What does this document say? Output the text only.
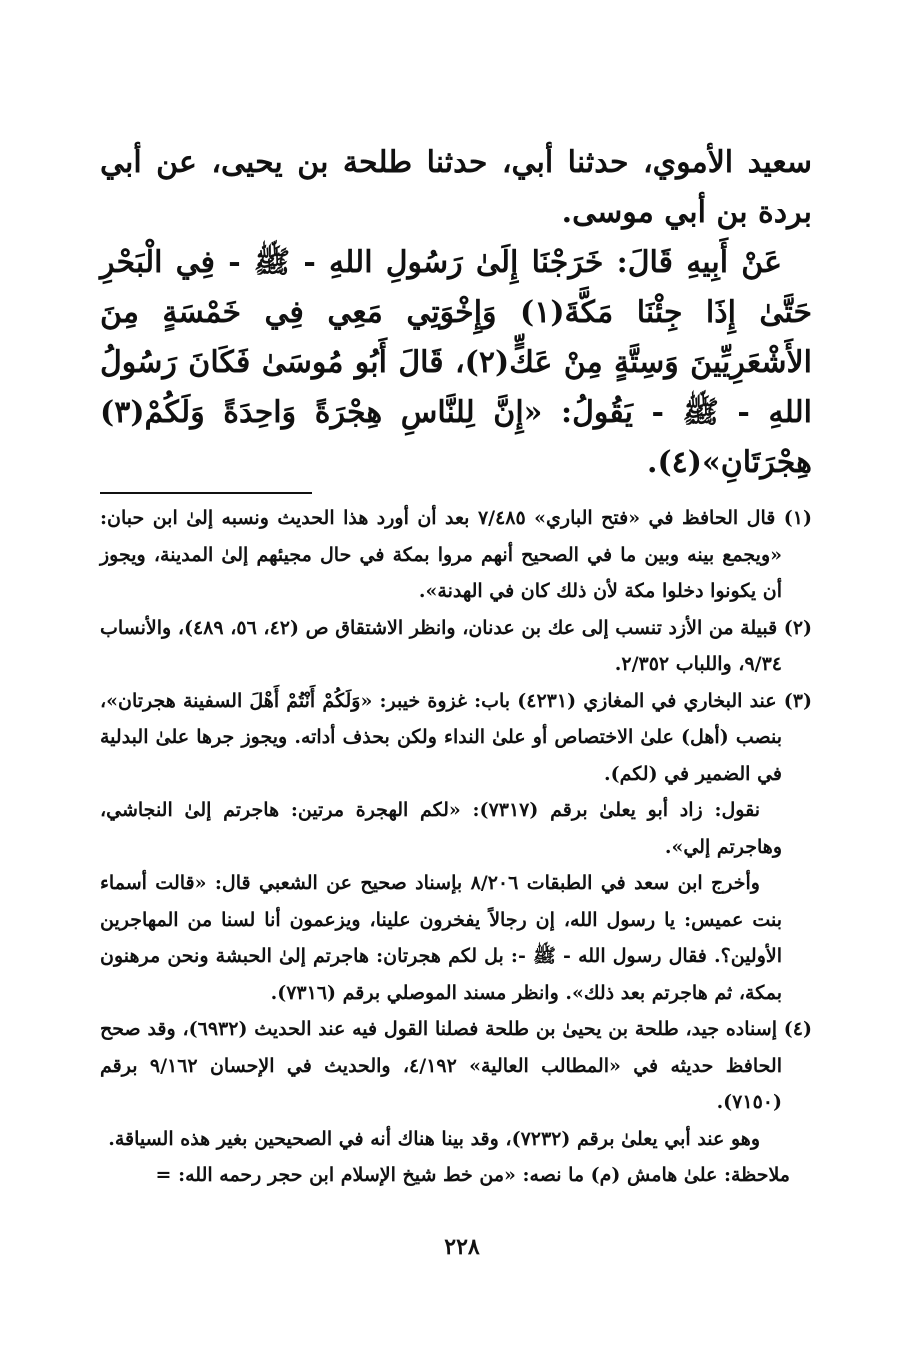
سعيد الأموي، حدثنا أبي، حدثنا طلحة بن يحيى، عن أبي بردة بن أبي موسى.

عَنْ أَبِيهِ قَالَ: خَرَجْنَا إِلَىٰ رَسُولِ اللهِ - ﷺ - فِي الْبَحْرِ حَتَّىٰ إِذَا جِئْنَا مَكَّةَ(١) وَإِخْوَتِي مَعِي فِي خَمْسَةٍ مِنَ الأَشْعَرِيِّينَ وَسِتَّةٍ مِنْ عَكٍّ(٢)، قَالَ أَبُو مُوسَىٰ فَكَانَ رَسُولُ اللهِ - ﷺ - يَقُولُ: «إِنَّ لِلنَّاسِ هِجْرَةً وَاحِدَةً وَلَكُمْ(٣) هِجْرَتَانِ»(٤).

(١) قال الحافظ في «فتح الباري» ٧/٤٨٥ بعد أن أورد هذا الحديث ونسبه إلىٰ ابن حبان: «ويجمع بينه وبين ما في الصحيح أنهم مروا بمكة في حال مجيئهم إلىٰ المدينة، ويجوز أن يكونوا دخلوا مكة لأن ذلك كان في الهدنة».

(٢) قبيلة من الأزد تنسب إلى عك بن عدنان، وانظر الاشتقاق ص (٤٢، ٥٦، ٤٨٩)، والأنساب ٩/٣٤، واللباب ٢/٣٥٢.

(٣) عند البخاري في المغازي (٤٢٣١) باب: غزوة خيبر: «وَلَكُمْ أَنْتُمْ أَهْلَ السفينة هجرتان»، بنصب (أهل) علىٰ الاختصاص أو علىٰ النداء ولكن بحذف أداته. ويجوز جرها علىٰ البدلية في الضمير في (لكم).

نقول: زاد أبو يعلىٰ برقم (٧٣١٧): «لكم الهجرة مرتين: هاجرتم إلىٰ النجاشي، وهاجرتم إلي».

وأخرج ابن سعد في الطبقات ٨/٢٠٦ بإسناد صحيح عن الشعبي قال: «قالت أسماء بنت عميس: يا رسول الله، إن رجالاً يفخرون علينا، ويزعمون أنا لسنا من المهاجرين الأولين؟. فقال رسول الله - ﷺ -: بل لكم هجرتان: هاجرتم إلىٰ الحبشة ونحن مرهنون بمكة، ثم هاجرتم بعد ذلك». وانظر مسند الموصلي برقم (٧٣١٦).

(٤) إسناده جيد، طلحة بن يحيىٰ بن طلحة فصلنا القول فيه عند الحديث (٦٩٣٢)، وقد صحح الحافظ حديثه في «المطالب العالية» ٤/١٩٢، والحديث في الإحسان ٩/١٦٢ برقم (٧١٥٠).

وهو عند أبي يعلىٰ برقم (٧٢٣٢)، وقد بينا هناك أنه في الصحيحين بغير هذه السياقة.

ملاحظة: علىٰ هامش (م) ما نصه: «من خط شيخ الإسلام ابن حجر رحمه الله: =

٢٢٨
